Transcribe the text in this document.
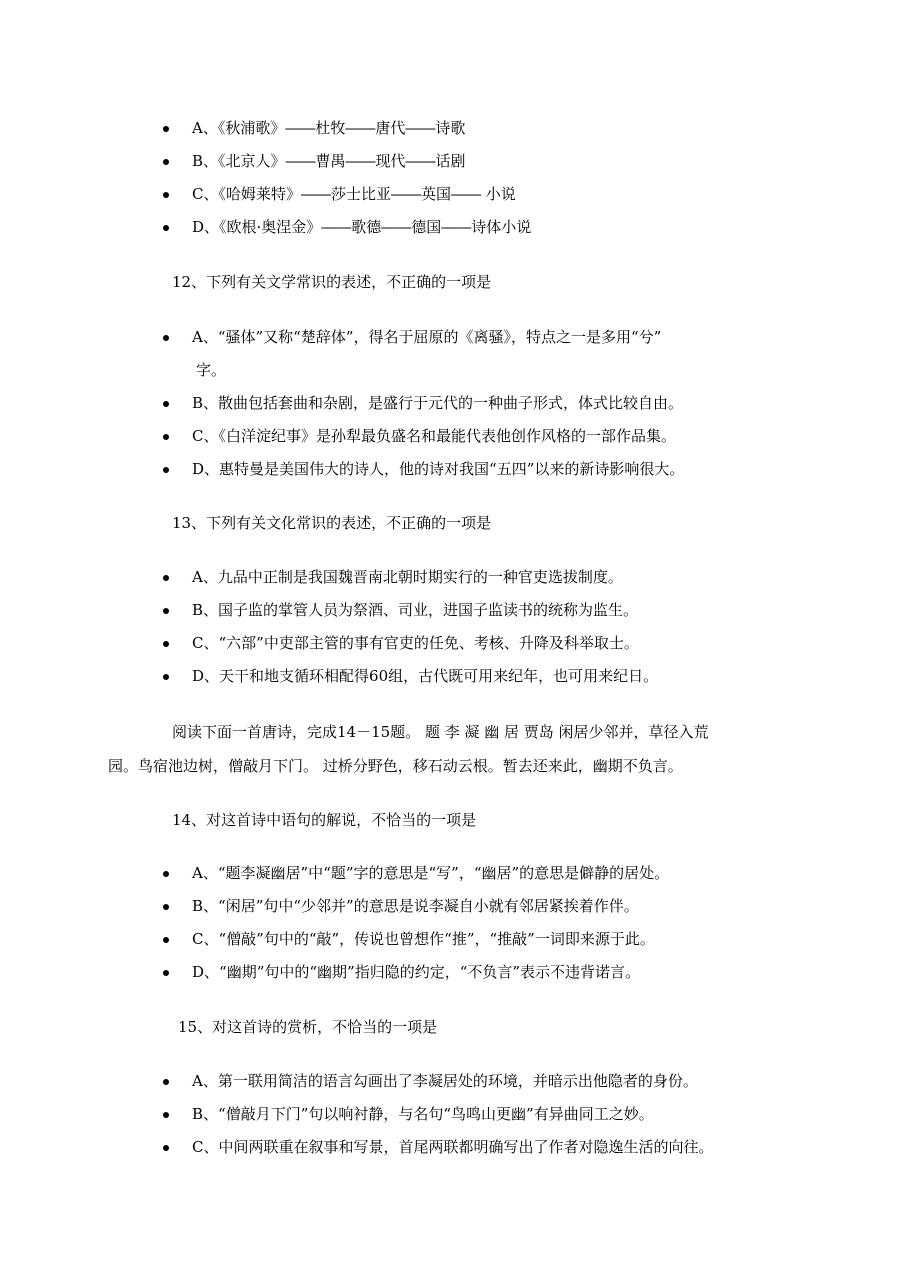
A、《秋浦歌》――杜牧――唐代――诗歌
B、《北京人》――曹禺――现代――话剧
C、《哈姆莱特》――莎士比亚――英国―― 小说
D、《欧根·奥涅金》――歌德――德国――诗体小说
12、下列有关文学常识的表述，不正确的一项是
A、“骚体”又称“楚辞体”，得名于屈原的《离骚》，特点之一是多用“兮”
字。
B、散曲包括套曲和杂剧，是盛行于元代的一种曲子形式，体式比较自由。
C、《白洋淀纪事》是孙犁最负盛名和最能代表他创作风格的一部作品集。
D、惠特曼是美国伟大的诗人，他的诗对我国“五四”以来的新诗影响很大。
13、下列有关文化常识的表述，不正确的一项是
A、九品中正制是我国魏晋南北朝时期实行的一种官吏选拔制度。
B、国子监的掌管人员为祭酒、司业，进国子监读书的统称为监生。
C、“六部”中吏部主管的事有官吏的任免、考核、升降及科举取士。
D、天干和地支循环相配得60组，古代既可用来纪年，也可用来纪日。
阅读下面一首唐诗，完成14－15题。 题 李 凝 幽 居 贾岛 闲居少邻并，草径入荒
园。鸟宿池边树，僧敲月下门。 过桥分野色，移石动云根。暂去还来此，幽期不负言。
14、对这首诗中语句的解说，不恰当的一项是
A、“题李凝幽居”中“题”字的意思是“写”，“幽居”的意思是僻静的居处。
B、“闲居”句中“少邻并”的意思是说李凝自小就有邻居紧挨着作伴。
C、“僧敲”句中的“敲”，传说也曾想作“推”，“推敲”一词即来源于此。
D、“幽期”句中的“幽期”指归隐的约定，“不负言”表示不违背诺言。
15、对这首诗的赏析，不恰当的一项是
A、第一联用简洁的语言勾画出了李凝居处的环境，并暗示出他隐者的身份。
B、“僧敲月下门”句以响衬静，与名句“鸟鸣山更幽”有异曲同工之妙。
C、中间两联重在叙事和写景，首尾两联都明确写出了作者对隐逸生活的向往。
